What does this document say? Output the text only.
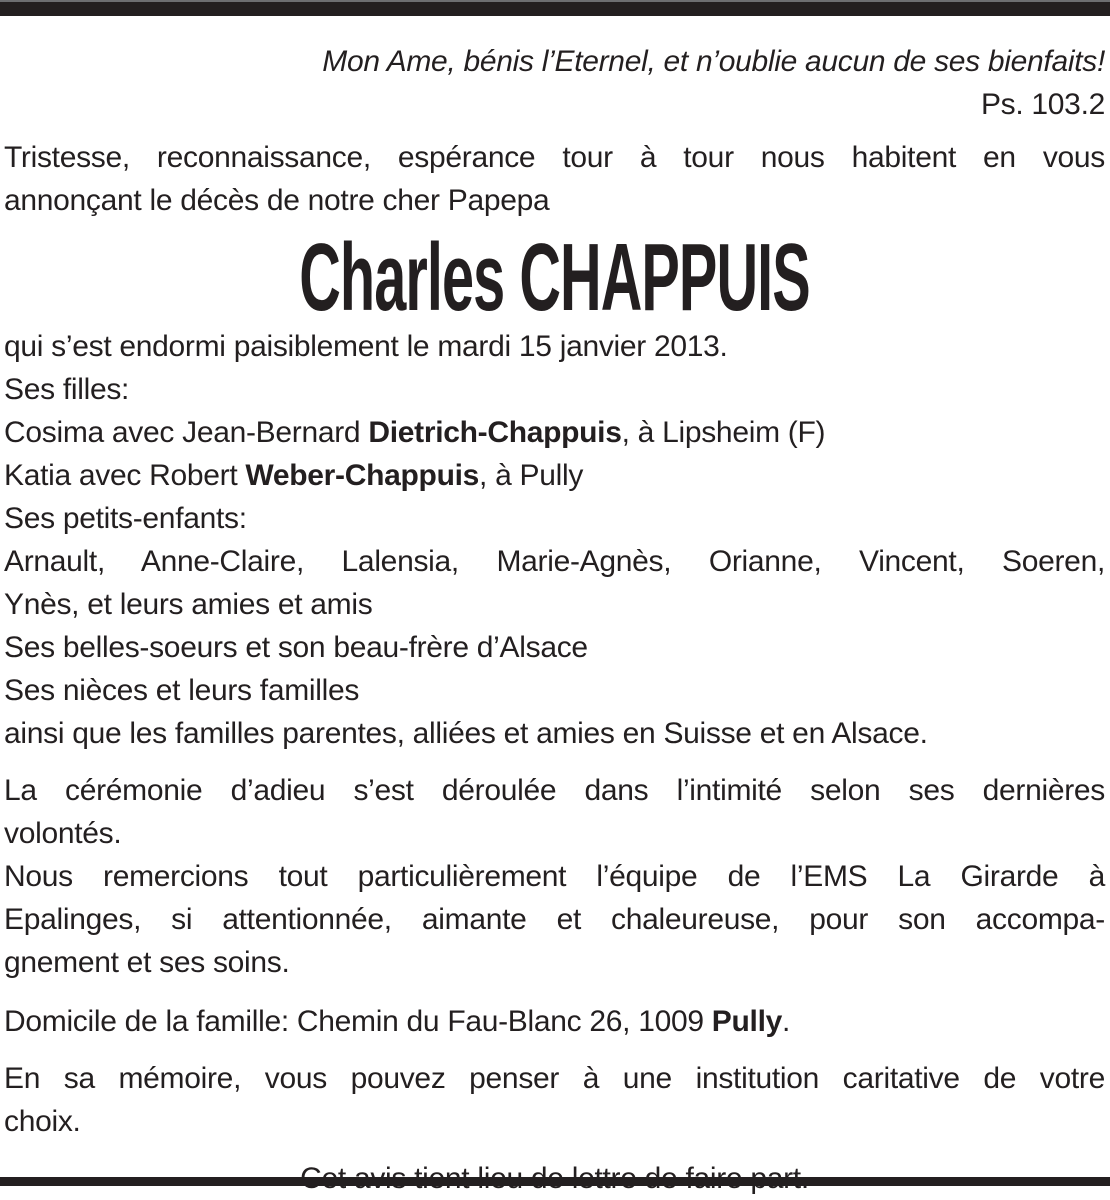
Mon Ame, bénis l’Eternel, et n’oublie aucun de ses bienfaits!
Ps. 103.2
Tristesse, reconnaissance, espérance tour à tour nous habitent en vous
annonçant le décès de notre cher Papepa
Charles CHAPPUIS
qui s’est endormi paisiblement le mardi 15 janvier 2013.
Ses filles:
Cosima avec Jean-Bernard Dietrich-Chappuis, à Lipsheim (F)
Katia avec Robert Weber-Chappuis, à Pully
Ses petits-enfants:
Arnault, Anne-Claire, Lalensia, Marie-Agnès, Orianne, Vincent, Soeren,
Ynès, et leurs amies et amis
Ses belles-soeurs et son beau-frère d’Alsace
Ses nièces et leurs familles
ainsi que les familles parentes, alliées et amies en Suisse et en Alsace.
La cérémonie d’adieu s’est déroulée dans l’intimité selon ses dernières
volontés.
Nous remercions tout particulièrement l’équipe de l’EMS La Girarde à
Epalinges, si attentionnée, aimante et chaleureuse, pour son accompa-
gnement et ses soins.
Domicile de la famille: Chemin du Fau-Blanc 26, 1009 Pully.
En sa mémoire, vous pouvez penser à une institution caritative de votre
choix.
